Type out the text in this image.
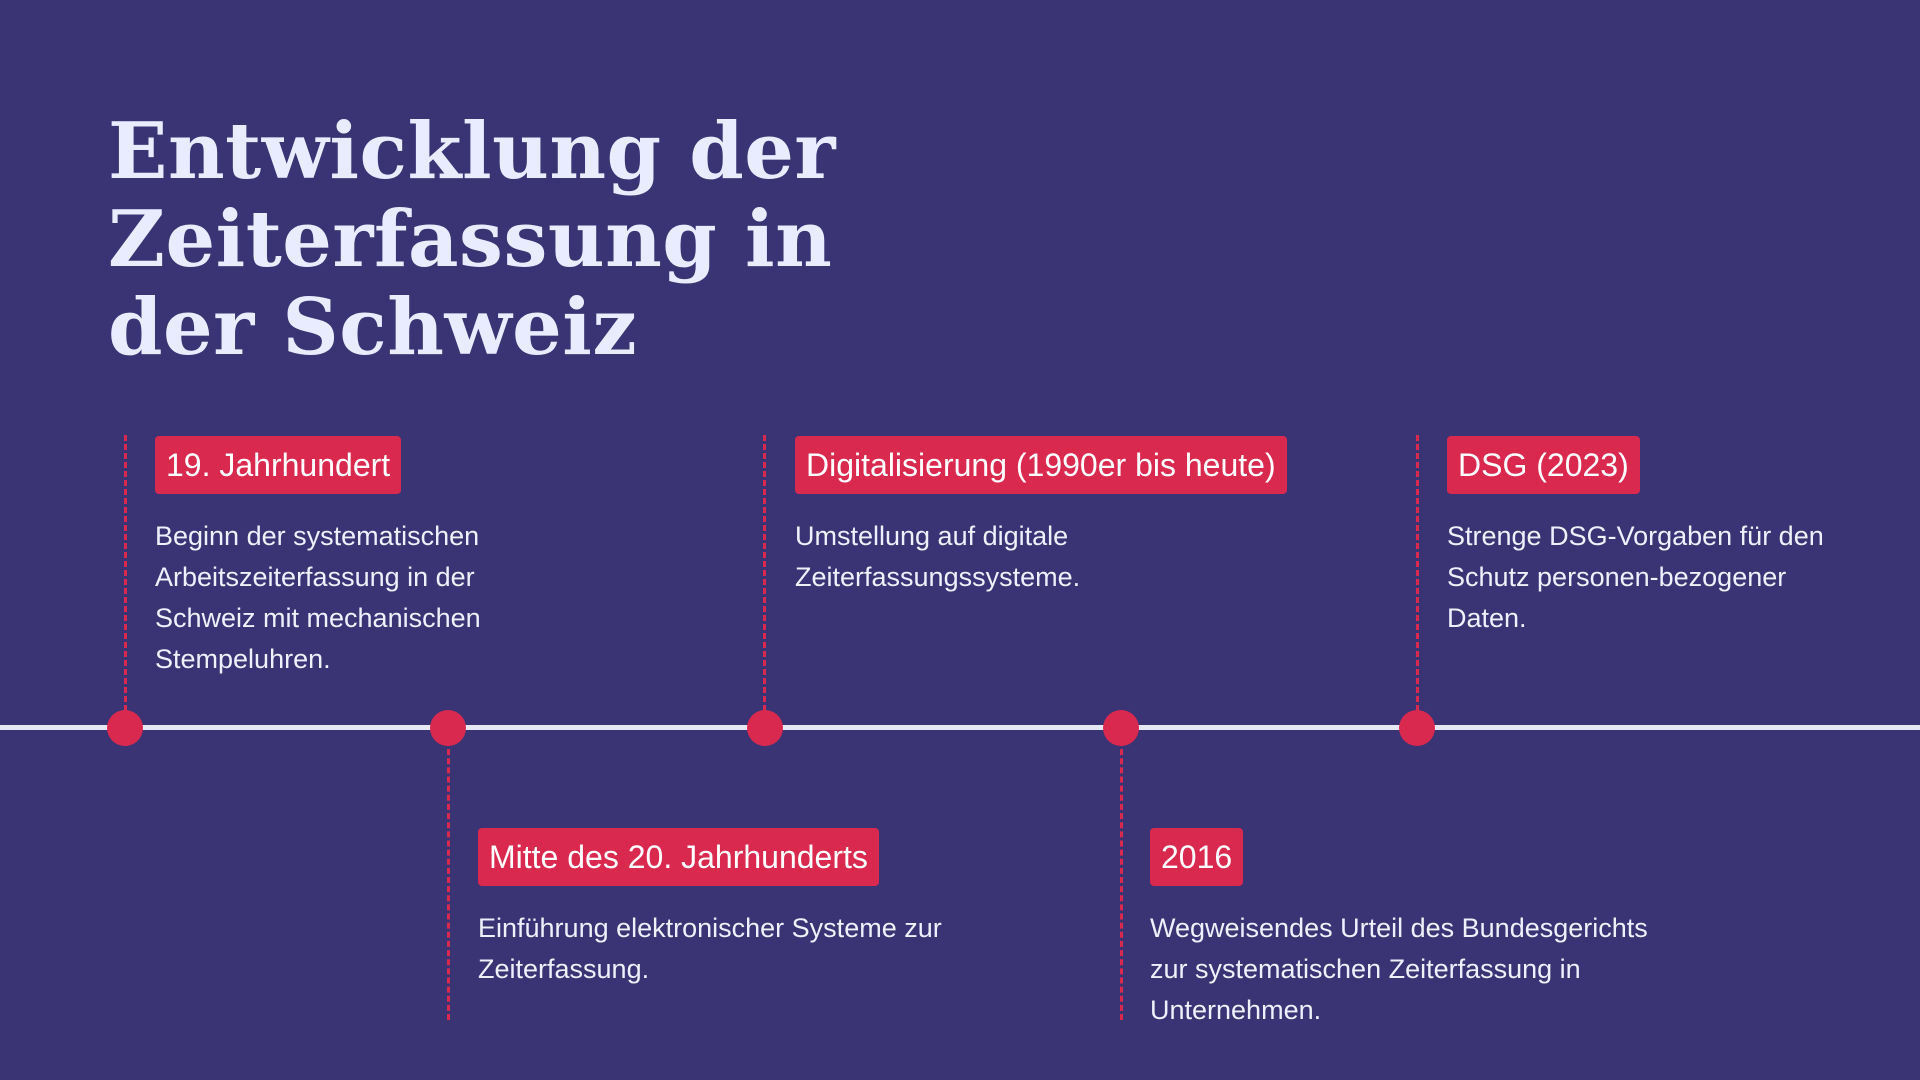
Entwicklung der Zeiterfassung in der Schweiz
19. Jahrhundert

Beginn der systematischen Arbeitszeiterfassung in der Schweiz mit mechanischen Stempeluhren.

Mitte des 20. Jahrhunderts

Einführung elektronischer Systeme zur Zeiterfassung.

Digitalisierung (1990er bis heute)

Umstellung auf digitale Zeiterfassungssysteme.

2016

Wegweisendes Urteil des Bundesgerichts zur systematischen Zeiterfassung in Unternehmen.

DSG (2023)

Strenge DSG-Vorgaben für den Schutz personen-bezogener Daten.
